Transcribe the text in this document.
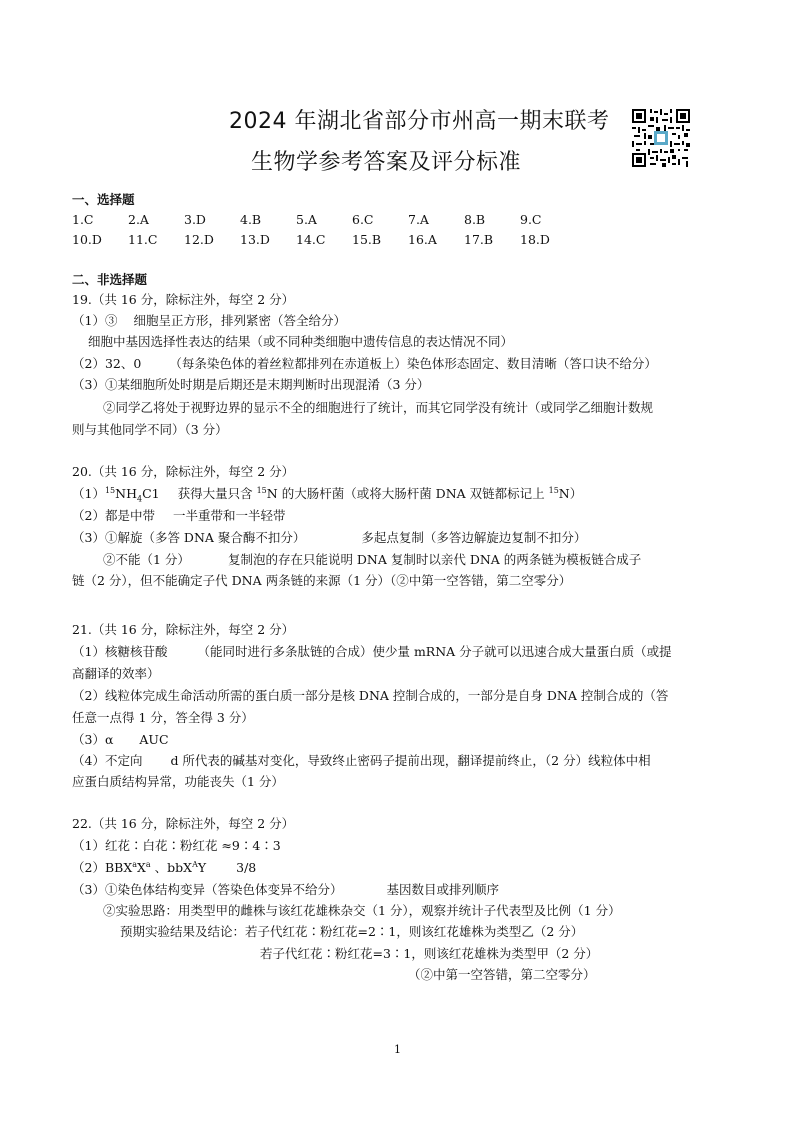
2024 年湖北省部分市州高一期末联考
生物学参考答案及评分标准
一、选择题
1.C	2.A	3.D	4.B	5.A	6.C	7.A	8.B	9.C
10.D 11.C 12.D 13.D 14.C 15.B 16.A 17.B 18.D
二、非选择题
19.（共 16 分，除标注外，每空 2 分）
（1）③ 细胞呈正方形，排列紧密（答全给分）
细胞中基因选择性表达的结果（或不同种类细胞中遗传信息的表达情况不同）
（2）32、0 （每条染色体的着丝粒都排列在赤道板上）染色体形态固定、数目清晰（答口诀不给分）
（3）①某细胞所处时期是后期还是末期判断时出现混淆（3 分）
②同学乙将处于视野边界的显示不全的细胞进行了统计，而其它同学没有统计（或同学乙细胞计数规
则与其他同学不同）（3 分）
20.（共 16 分，除标注外，每空 2 分）
$(1)^{15}NH_4C1$ 获得大量只含 $^{15}$N 的大肠杆菌（或将大肠杆菌 DNA 双链都标记上 $^{15}$N）
（2）都是中带 一半重带和一半轻带
（3）①解旋（多答 DNA 聚合酶不扣分）	多起点复制（多答边解旋边复制不扣分）
②不能（1 分）	复制泡的存在只能说明 DNA 复制时以亲代 DNA 的两条链为模板链合成子
链（2 分），但不能确定子代 DNA 两条链的来源（1 分）（②中第一空答错，第二空零分）
21.（共 16 分，除标注外，每空 2 分）
（1）核糖核苷酸 （能同时进行多条肽链的合成）使少量 mRNA 分子就可以迅速合成大量蛋白质（或提
高翻译的效率）
（2）线粒体完成生命活动所需的蛋白质一部分是核 DNA 控制合成的，一部分是自身 DNA 控制合成的（答
任意一点得 1 分，答全得 3 分）
（3）α AUC
（4）不定向 d 所代表的碱基对变化，导致终止密码子提前出现，翻译提前终止，（2 分）线粒体中相
应蛋白质结构异常，功能丧失（1 分）
22.（共 16 分，除标注外，每空 2 分）
（1）红花∶白花∶粉红花 ≈9∶4∶3
$(2)BBX^aX^a$ 、bbX$^A$Y 3/8
（3）①染色体结构变异（答染色体变异不给分）	基因数目或排列顺序
②实验思路：用类型甲的雌株与该红花雄株杂交（1 分），观察并统计子代表型及比例（1 分）
预期实验结果及结论：若子代红花∶粉红花=2∶1，则该红花雄株为类型乙（2 分）
若子代红花∶粉红花=3∶1，则该红花雄株为类型甲（2 分）
（②中第一空答错，第二空零分）
1
